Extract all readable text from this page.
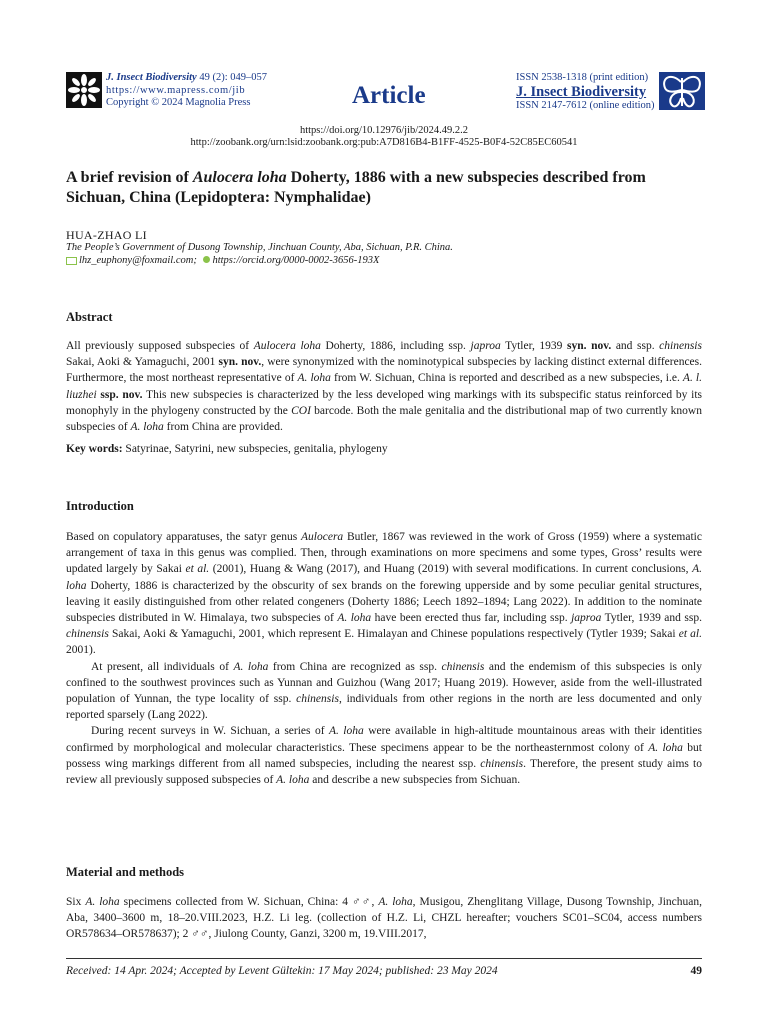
J. Insect Biodiversity 49 (2): 049–057
https://www.mapress.com/jib
Copyright © 2024 Magnolia Press	Article
ISSN 2538-1318 (print edition)
J. Insect Biodiversity
ISSN 2147-7612 (online edition)
https://doi.org/10.12976/jib/2024.49.2.2
http://zoobank.org/urn:lsid:zoobank.org:pub:A7D816B4-B1FF-4525-B0F4-52C85EC60541
A brief revision of Aulocera loha Doherty, 1886 with a new subspecies described from Sichuan, China (Lepidoptera: Nymphalidae)
HUA-ZHAO LI
The People’s Government of Dusong Township, Jinchuan County, Aba, Sichuan, P.R. China.
lhz_euphony@foxmail.com; https://orcid.org/0000-0002-3656-193X
Abstract

All previously supposed subspecies of Aulocera loha Doherty, 1886, including ssp. japroa Tytler, 1939 syn. nov. and ssp. chinensis Sakai, Aoki & Yamaguchi, 2001 syn. nov., were synonymized with the nominotypical subspecies by lacking distinct external differences. Furthermore, the most northeast representative of A. loha from W. Sichuan, China is reported and described as a new subspecies, i.e. A. l. liuzhei ssp. nov. This new subspecies is characterized by the less developed wing markings with its subspecific status reinforced by its monophyly in the phylogeny constructed by the COI barcode. Both the male genitalia and the distributional map of two currently known subspecies of A. loha from China are provided.

Key words: Satyrinae, Satyrini, new subspecies, genitalia, phylogeny

Introduction

Based on copulatory apparatuses, the satyr genus Aulocera Butler, 1867 was reviewed in the work of Gross (1959) where a systematic arrangement of taxa in this genus was complied. Then, through examinations on more specimens and some types, Gross’ results were updated largely by Sakai et al. (2001), Huang & Wang (2017), and Huang (2019) with several modifications. In current conclusions, A. loha Doherty, 1886 is characterized by the obscurity of sex brands on the forewing upperside and by some peculiar genital structures, leaving it easily distinguished from other related congeners (Doherty 1886; Leech 1892–1894; Lang 2022). In addition to the nominate subspecies distributed in W. Himalaya, two subspecies of A. loha have been erected thus far, including ssp. japroa Tytler, 1939 and ssp. chinensis Sakai, Aoki & Yamaguchi, 2001, which represent E. Himalayan and Chinese populations respectively (Tytler 1939; Sakai et al. 2001).

At present, all individuals of A. loha from China are recognized as ssp. chinensis and the endemism of this subspecies is only confined to the southwest provinces such as Yunnan and Guizhou (Wang 2017; Huang 2019). However, aside from the well-illustrated population of Yunnan, the type locality of ssp. chinensis, individuals from other regions in the north are less documented and only reported sparsely (Lang 2022).

During recent surveys in W. Sichuan, a series of A. loha were available in high-altitude mountainous areas with their identities confirmed by morphological and molecular characteristics. These specimens appear to be the northeasternmost colony of A. loha but possess wing markings different from all named subspecies, including the nearest ssp. chinensis. Therefore, the present study aims to review all previously supposed subspecies of A. loha and describe a new subspecies from Sichuan.

Material and methods

Six A. loha specimens collected from W. Sichuan, China: 4 ♂♂, A. loha, Musigou, Zhenglitang Village, Dusong Township, Jinchuan, Aba, 3400–3600 m, 18–20.VIII.2023, H.Z. Li leg. (collection of H.Z. Li, CHZL hereafter; vouchers SC01–SC04, access numbers OR578634–OR578637); 2 ♂♂, Jiulong County, Ganzi, 3200 m, 19.VIII.2017,

Received: 14 Apr. 2024; Accepted by Levent Gültekin: 17 May 2024; published: 23 May 2024	49
